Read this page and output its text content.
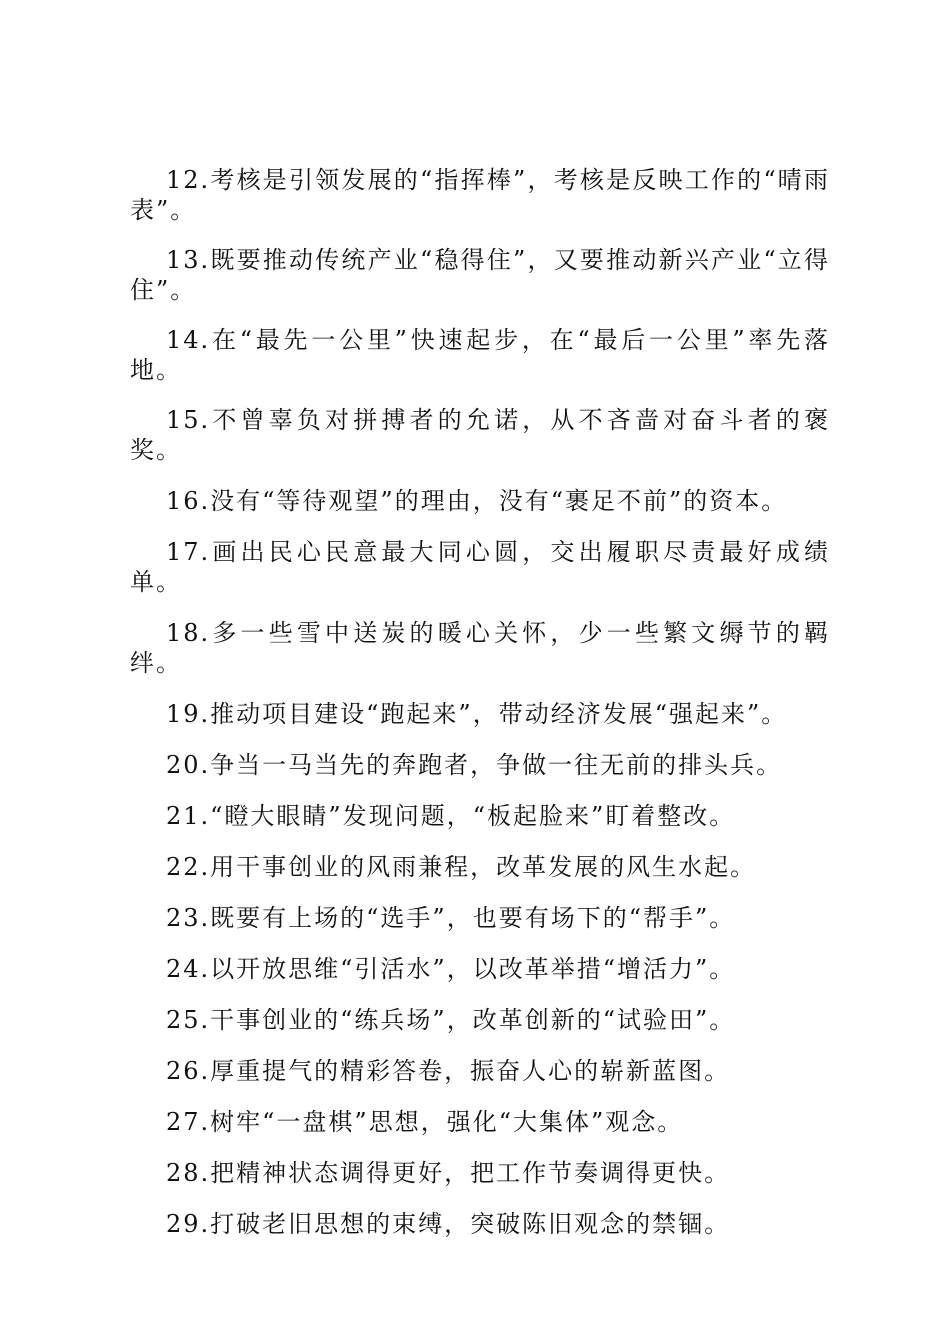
12.考核是引领发展的“指挥棒”，考核是反映工作的“晴雨表”。

13.既要推动传统产业“稳得住”，又要推动新兴产业“立得住”。

14.在“最先一公里”快速起步，在“最后一公里”率先落地。

15.不曾辜负对拼搏者的允诺，从不吝啬对奋斗者的褒奖。

16.没有“等待观望”的理由，没有“裹足不前”的资本。

17.画出民心民意最大同心圆，交出履职尽责最好成绩单。

18.多一些雪中送炭的暖心关怀，少一些繁文缛节的羁绊。

19.推动项目建设“跑起来”，带动经济发展“强起来”。

20.争当一马当先的奔跑者，争做一往无前的排头兵。

21.“瞪大眼睛”发现问题，“板起脸来”盯着整改。

22.用干事创业的风雨兼程，改革发展的风生水起。

23.既要有上场的“选手”，也要有场下的“帮手”。

24.以开放思维“引活水”，以改革举措“增活力”。

25.干事创业的“练兵场”，改革创新的“试验田”。

26.厚重提气的精彩答卷，振奋人心的崭新蓝图。

27.树牢“一盘棋”思想，强化“大集体”观念。

28.把精神状态调得更好，把工作节奏调得更快。

29.打破老旧思想的束缚，突破陈旧观念的禁锢。
